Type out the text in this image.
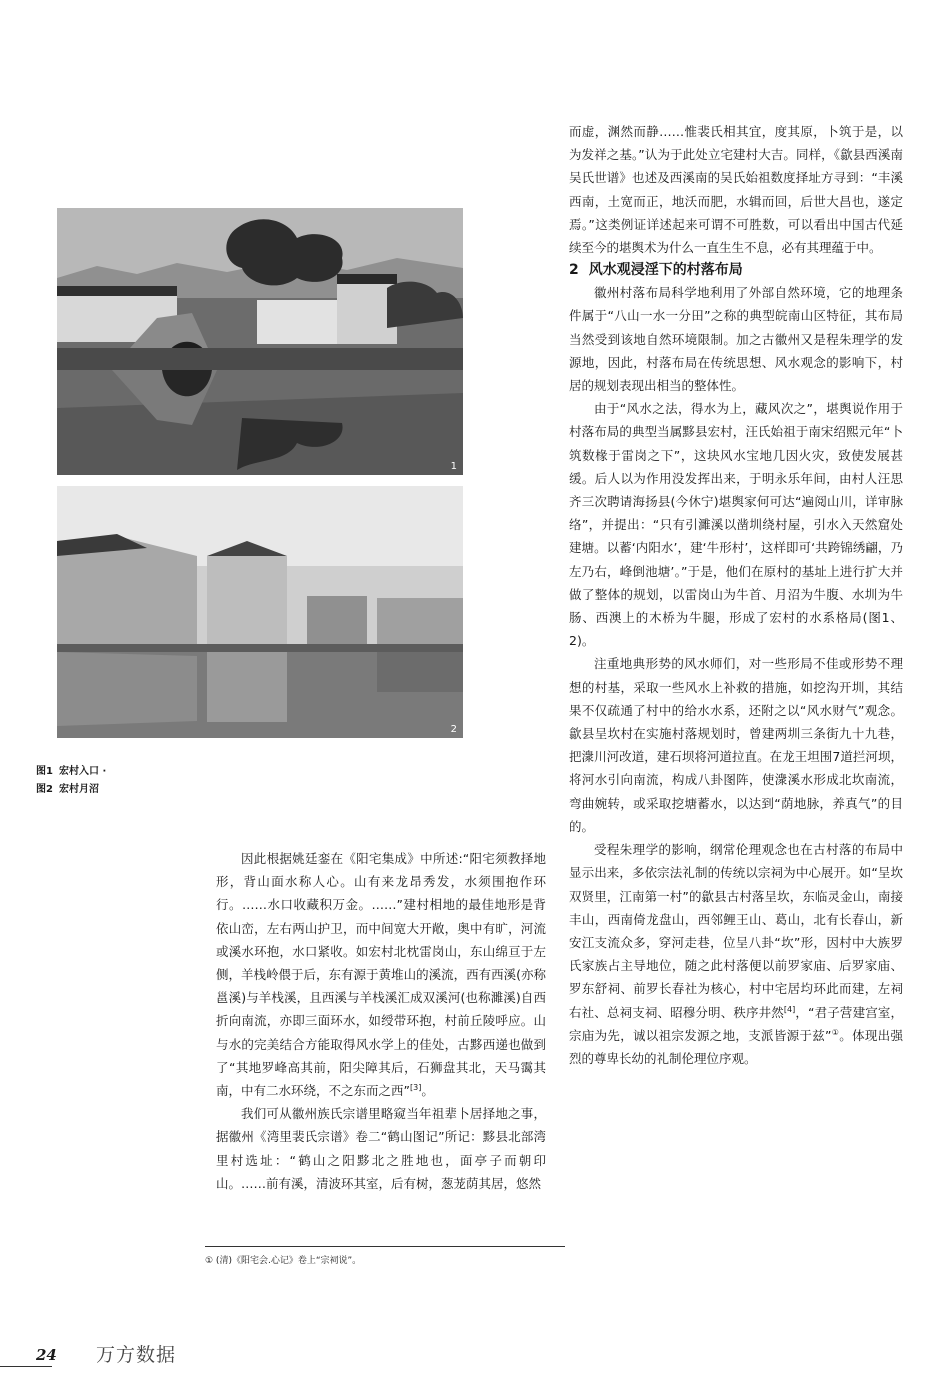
1
2
图1 宏村入口 ·
图2 宏村月沼

因此根据姚廷銮在《阳宅集成》中所述:“阳宅须教择地形，背山面水称人心。山有来龙昂秀发，水须围抱作环行。……水口收藏积万金。……”建村相地的最佳地形是背依山峦，左右两山护卫，而中间宽大开敞，奥中有旷，河流或溪水环抱，水口紧收。如宏村北枕雷岗山，东山绵亘于左侧，羊栈岭偎于后，东有源于黄堆山的溪流，西有西溪(亦称邕溪)与羊栈溪，且西溪与羊栈溪汇成双溪河(也称濉溪)自西折向南流，亦即三面环水，如绶带环抱，村前丘陵呼应。山与水的完美结合方能取得风水学上的佳处，古黟西递也做到了“其地罗峰高其前，阳尖障其后，石狮盘其北，天马霭其南，中有二水环绕，不之东而之西”[3]。

我们可从徽州族氏宗谱里略窥当年祖辈卜居择地之事，据徽州《湾里裴氏宗谱》卷二“鹤山图记”所记：黟县北部湾里村选址：“鹤山之阳黟北之胜地也，面亭子而朝印山。……前有溪，清波环其室，后有树，葱茏荫其居，悠然

而虚，渊然而静……惟裴氏相其宜，度其原，卜筑于是，以为发祥之基。”认为于此处立宅建村大吉。同样，《歙县西溪南吴氏世谱》也述及西溪南的吴氏始祖数度择址方寻到：“丰溪西南，土宽而正，地沃而肥，水辑而回，后世大昌也，遂定焉。”这类例证详述起来可谓不可胜数，可以看出中国古代延续至今的堪舆术为什么一直生生不息，必有其理蕴于中。

2 风水观浸淫下的村落布局

徽州村落布局科学地利用了外部自然环境，它的地理条件属于“八山一水一分田”之称的典型皖南山区特征，其布局当然受到该地自然环境限制。加之古徽州又是程朱理学的发源地，因此，村落布局在传统思想、风水观念的影响下，村居的规划表现出相当的整体性。

由于“风水之法，得水为上，藏风次之”，堪舆说作用于村落布局的典型当属黟县宏村，汪氏始祖于南宋绍熙元年“卜筑数椽于雷岗之下”，这块风水宝地几因火灾，致使发展甚缓。后人以为作用没发挥出来，于明永乐年间，由村人汪思齐三次聘请海扬县(今休宁)堪舆家何可达“遍阅山川，详审脉络”，并提出：“只有引濉溪以凿圳绕村屋，引水入天然窟处建塘。以蓄‘内阳水’，建‘牛形村’，这样即可‘共跨锦绣翩，乃左乃右，峰倒池塘’。”于是，他们在原村的基址上进行扩大并做了整体的规划，以雷岗山为牛首、月沼为牛腹、水圳为牛肠、西澳上的木桥为牛腿，形成了宏村的水系格局(图1、2)。

注重地典形势的风水师们，对一些形局不佳或形势不理想的村基，采取一些风水上补救的措施，如挖沟开圳，其结果不仅疏通了村中的给水水系，还附之以“风水财气”观念。歙县呈坎村在实施村落规划时，曾建两圳三条街九十九巷，把潨川河改道，建石坝将河道拉直。在龙王坦围7道拦河坝，将河水引向南流，构成八卦图阵，使潨溪水形成北坎南流，弯曲婉转，或采取挖塘蓄水，以达到“荫地脉，养真气”的目的。

受程朱理学的影响，纲常伦理观念也在古村落的布局中显示出来，多依宗法礼制的传统以宗祠为中心展开。如“呈坎双贤里，江南第一村”的歙县古村落呈坎，东临灵金山，南接丰山，西南倚龙盘山，西邻鲤王山、葛山，北有长春山，新安江支流众多，穿河走巷，位呈八卦“坎”形，因村中大族罗氏家族占主导地位，随之此村落便以前罗家庙、后罗家庙、罗东舒祠、前罗长春社为核心，村中宅居均环此而建，左祠右社、总祠支祠、昭穆分明、秩序井然[4]，“君子营建宫室，宗庙为先，诚以祖宗发源之地，支派皆源于兹”①。体现出强烈的尊卑长幼的礼制伦理位序观。

① (清)《阳宅会.心记》卷上“宗祠说”。
24 万方数据
